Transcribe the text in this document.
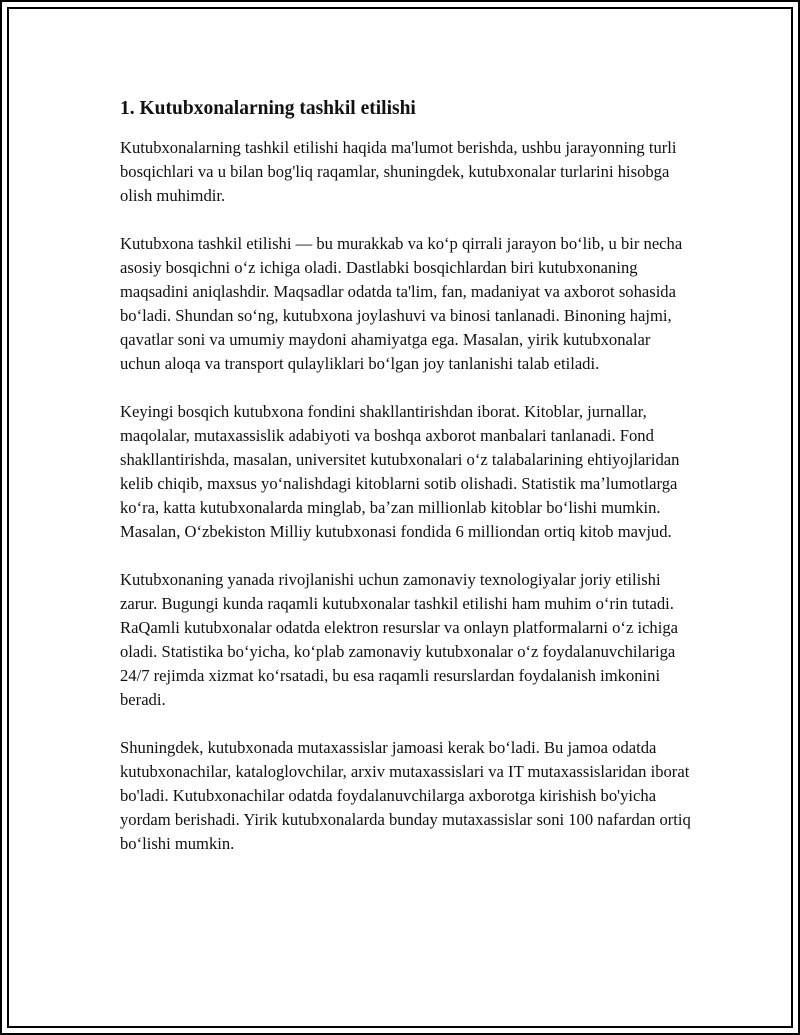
1. Kutubxonalarning tashkil etilishi

Kutubxonalarning tashkil etilishi haqida ma'lumot berishda, ushbu jarayonning turli bosqichlari va u bilan bog'liq raqamlar, shuningdek, kutubxonalar turlarini hisobga olish muhimdir.

Kutubxona tashkil etilishi — bu murakkab va koʻp qirrali jarayon boʻlib, u bir necha asosiy bosqichni oʻz ichiga oladi. Dastlabki bosqichlardan biri kutubxonaning maqsadini aniqlashdir. Maqsadlar odatda ta'lim, fan, madaniyat va axborot sohasida boʻladi. Shundan soʻng, kutubxona joylashuvi va binosi tanlanadi. Binoning hajmi, qavatlar soni va umumiy maydoni ahamiyatga ega. Masalan, yirik kutubxonalar uchun aloqa va transport qulayliklari boʻlgan joy tanlanishi talab etiladi.

Keyingi bosqich kutubxona fondini shakllantirishdan iborat. Kitoblar, jurnallar, maqolalar, mutaxassislik adabiyoti va boshqa axborot manbalari tanlanadi. Fond shakllantirishda, masalan, universitet kutubxonalari oʻz talabalarining ehtiyojlaridan kelib chiqib, maxsus yoʻnalishdagi kitoblarni sotib olishadi. Statistik maʼlumotlarga koʻra, katta kutubxonalarda minglab, baʼzan millionlab kitoblar boʻlishi mumkin. Masalan, Oʻzbekiston Milliy kutubxonasi fondida 6 milliondan ortiq kitob mavjud.

Kutubxonaning yanada rivojlanishi uchun zamonaviy texnologiyalar joriy etilishi zarur. Bugungi kunda raqamli kutubxonalar tashkil etilishi ham muhim oʻrin tutadi. RaQamli kutubxonalar odatda elektron resurslar va onlayn platformalarni oʻz ichiga oladi. Statistika boʻyicha, koʻplab zamonaviy kutubxonalar oʻz foydalanuvchilariga 24/7 rejimda xizmat koʻrsatadi, bu esa raqamli resurslardan foydalanish imkonini beradi.

Shuningdek, kutubxonada mutaxassislar jamoasi kerak boʻladi. Bu jamoa odatda kutubxonachilar, kataloglovchilar, arxiv mutaxassislari va IT mutaxassislaridan iborat bo'ladi. Kutubxonachilar odatda foydalanuvchilarga axborotga kirishish bo'yicha yordam berishadi. Yirik kutubxonalarda bunday mutaxassislar soni 100 nafardan ortiq boʻlishi mumkin.
